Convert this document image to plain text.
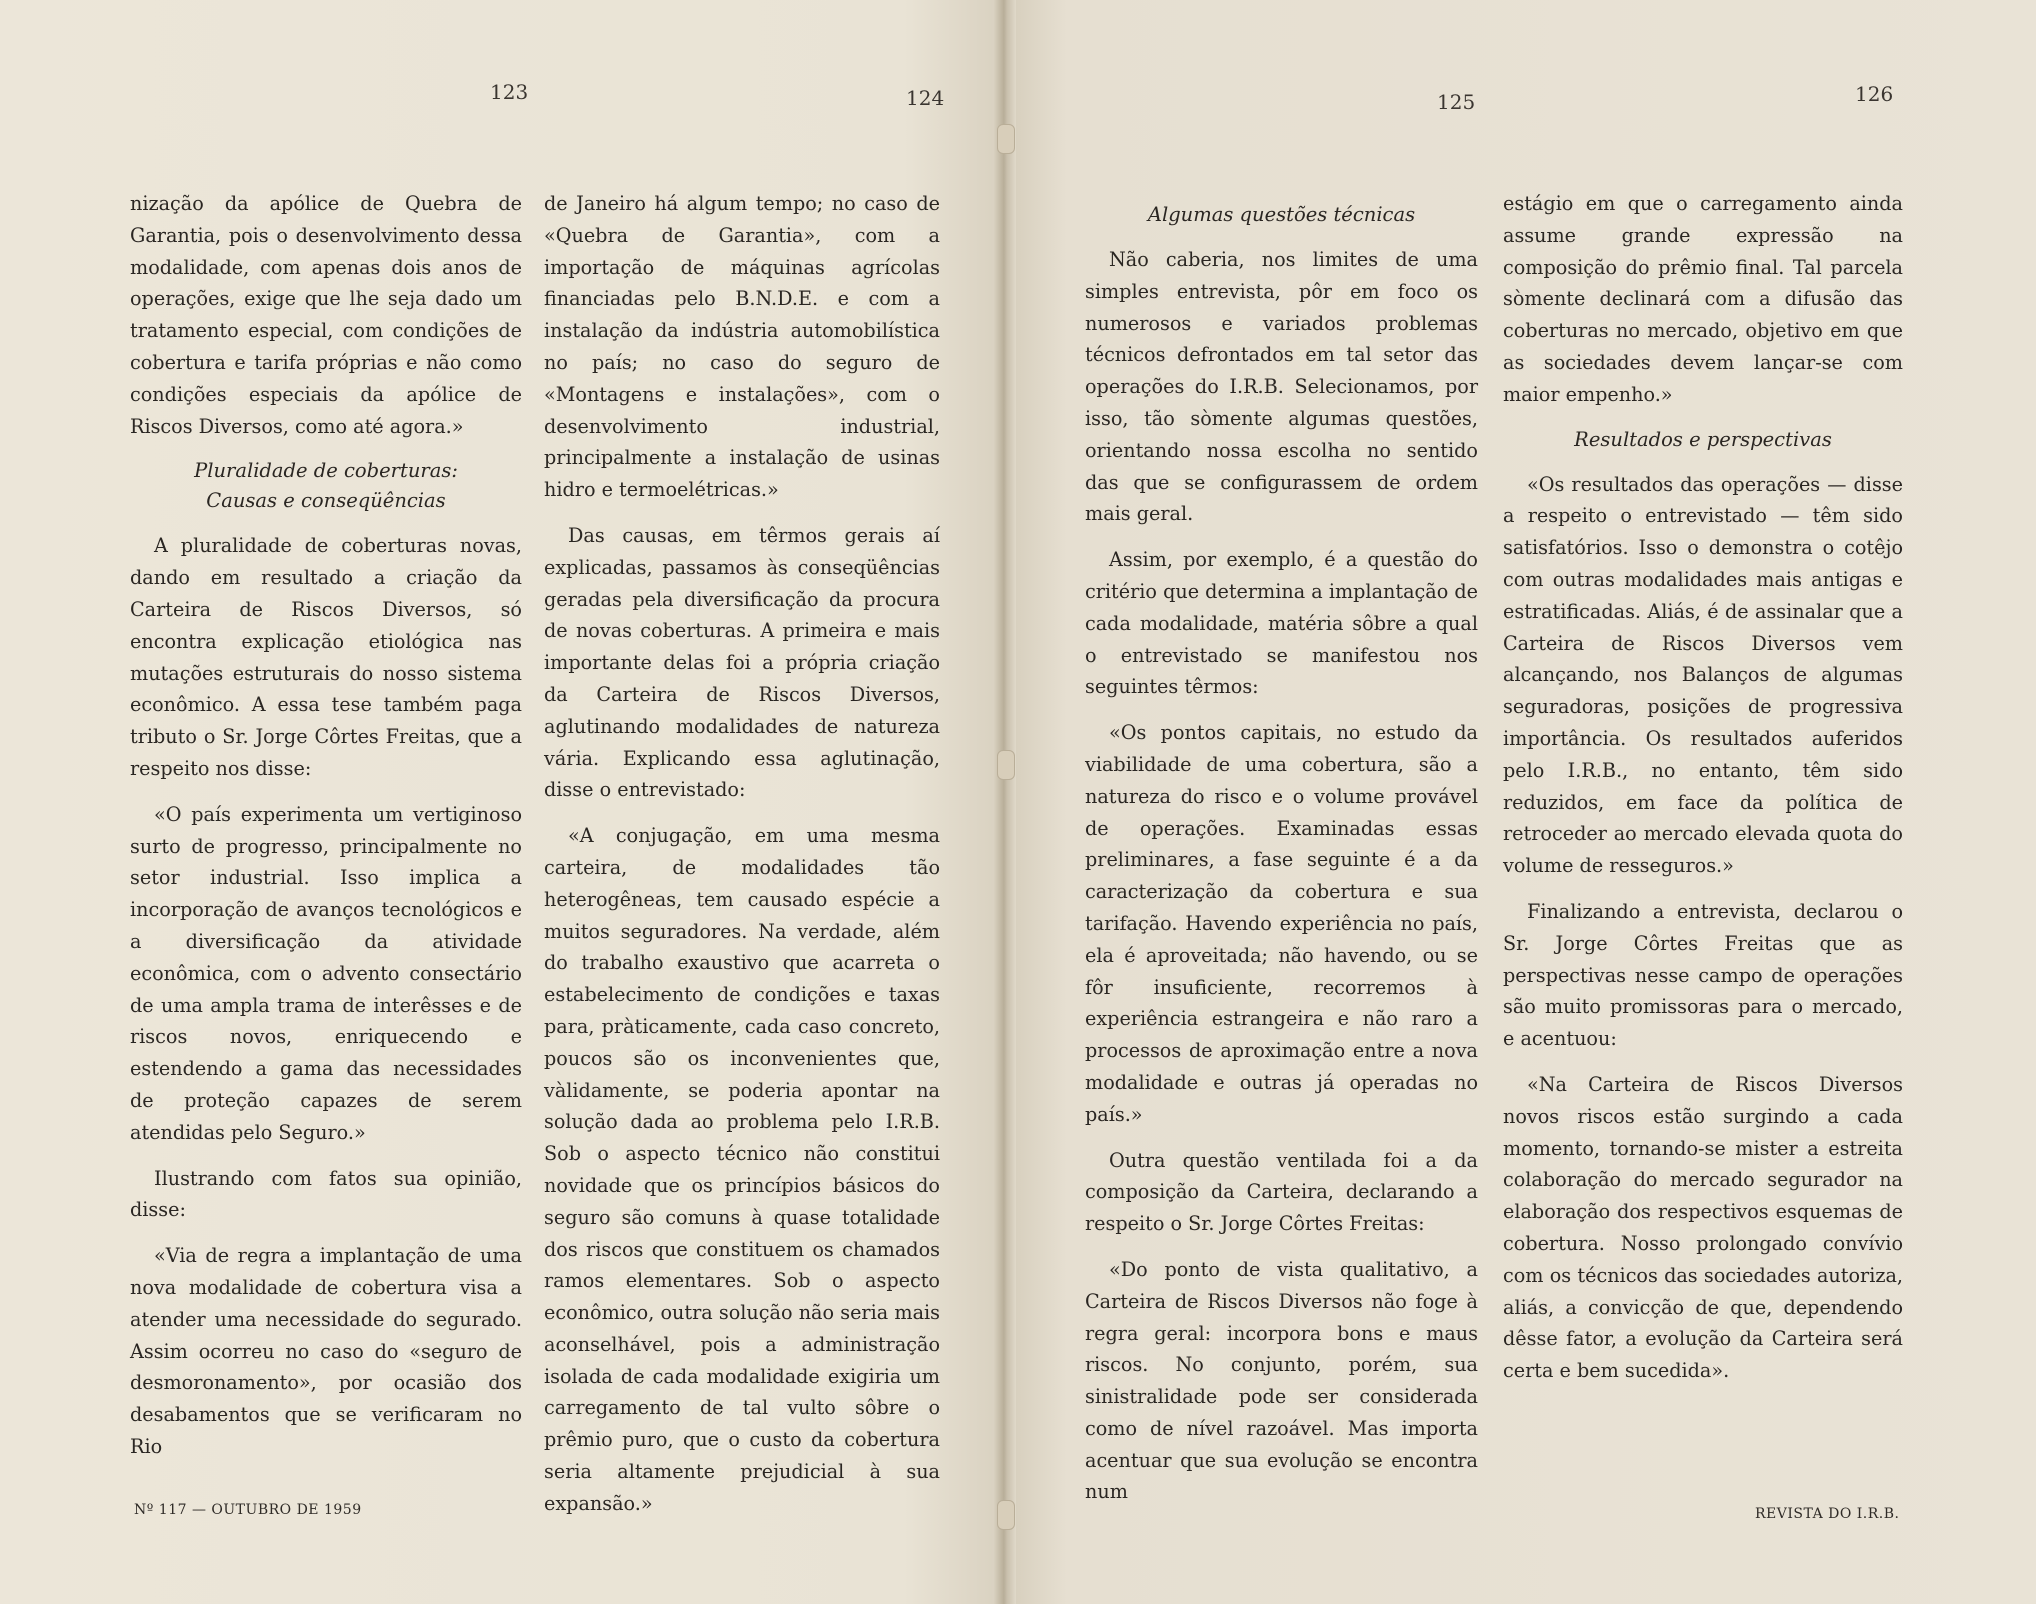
123	124	125	126

nização da apólice de Quebra de Garantia, pois o desenvolvimento dessa modalidade, com apenas dois anos de operações, exige que lhe seja dado um tratamento especial, com condições de cobertura e tarifa próprias e não como condições especiais da apólice de Riscos Diversos, como até agora.»

Pluralidade de coberturas:
Causas e conseqüências

A pluralidade de coberturas novas, dando em resultado a criação da Carteira de Riscos Diversos, só encontra explicação etiológica nas mutações estruturais do nosso sistema econômico. A essa tese também paga tributo o Sr. Jorge Côrtes Freitas, que a respeito nos disse:

«O país experimenta um vertiginoso surto de progresso, principalmente no setor industrial. Isso implica a incorporação de avanços tecnológicos e a diversificação da atividade econômica, com o advento consectário de uma ampla trama de interêsses e de riscos novos, enriquecendo e estendendo a gama das necessidades de proteção capazes de serem atendidas pelo Seguro.»

Ilustrando com fatos sua opinião, disse:

«Via de regra a implantação de uma nova modalidade de cobertura visa a atender uma necessidade do segurado. Assim ocorreu no caso do «seguro de desmoronamento», por ocasião dos desabamentos que se verificaram no Rio

de Janeiro há algum tempo; no caso de «Quebra de Garantia», com a importação de máquinas agrícolas financiadas pelo B.N.D.E. e com a instalação da indústria automobilística no país; no caso do seguro de «Montagens e instalações», com o desenvolvimento industrial, principalmente a instalação de usinas hidro e termoelétricas.»

Das causas, em têrmos gerais aí explicadas, passamos às conseqüências geradas pela diversificação da procura de novas coberturas. A primeira e mais importante delas foi a própria criação da Carteira de Riscos Diversos, aglutinando modalidades de natureza vária. Explicando essa aglutinação, disse o entrevistado:

«A conjugação, em uma mesma carteira, de modalidades tão heterogêneas, tem causado espécie a muitos seguradores. Na verdade, além do trabalho exaustivo que acarreta o estabelecimento de condições e taxas para, pràticamente, cada caso concreto, poucos são os inconvenientes que, vàlidamente, se poderia apontar na solução dada ao problema pelo I.R.B. Sob o aspecto técnico não constitui novidade que os princípios básicos do seguro são comuns à quase totalidade dos riscos que constituem os chamados ramos elementares. Sob o aspecto econômico, outra solução não seria mais aconselhável, pois a administração isolada de cada modalidade exigiria um carregamento de tal vulto sôbre o prêmio puro, que o custo da cobertura seria altamente prejudicial à sua expansão.»

Algumas questões técnicas

Não caberia, nos limites de uma simples entrevista, pôr em foco os numerosos e variados problemas técnicos defrontados em tal setor das operações do I.R.B. Selecionamos, por isso, tão sòmente algumas questões, orientando nossa escolha no sentido das que se configurassem de ordem mais geral.

Assim, por exemplo, é a questão do critério que determina a implantação de cada modalidade, matéria sôbre a qual o entrevistado se manifestou nos seguintes têrmos:

«Os pontos capitais, no estudo da viabilidade de uma cobertura, são a natureza do risco e o volume provável de operações. Examinadas essas preliminares, a fase seguinte é a da caracterização da cobertura e sua tarifação. Havendo experiência no país, ela é aproveitada; não havendo, ou se fôr insuficiente, recorremos à experiência estrangeira e não raro a processos de aproximação entre a nova modalidade e outras já operadas no país.»

Outra questão ventilada foi a da composição da Carteira, declarando a respeito o Sr. Jorge Côrtes Freitas:

«Do ponto de vista qualitativo, a Carteira de Riscos Diversos não foge à regra geral: incorpora bons e maus riscos. No conjunto, porém, sua sinistralidade pode ser considerada como de nível razoável. Mas importa acentuar que sua evolução se encontra num

estágio em que o carregamento ainda assume grande expressão na composição do prêmio final. Tal parcela sòmente declinará com a difusão das coberturas no mercado, objetivo em que as sociedades devem lançar-se com maior empenho.»

Resultados e perspectivas

«Os resultados das operações — disse a respeito o entrevistado — têm sido satisfatórios. Isso o demonstra o cotêjo com outras modalidades mais antigas e estratificadas. Aliás, é de assinalar que a Carteira de Riscos Diversos vem alcançando, nos Balanços de algumas seguradoras, posições de progressiva importância. Os resultados auferidos pelo I.R.B., no entanto, têm sido reduzidos, em face da política de retroceder ao mercado elevada quota do volume de resseguros.»

Finalizando a entrevista, declarou o Sr. Jorge Côrtes Freitas que as perspectivas nesse campo de operações são muito promissoras para o mercado, e acentuou:

«Na Carteira de Riscos Diversos novos riscos estão surgindo a cada momento, tornando-se mister a estreita colaboração do mercado segurador na elaboração dos respectivos esquemas de cobertura. Nosso prolongado convívio com os técnicos das sociedades autoriza, aliás, a convicção de que, dependendo dêsse fator, a evolução da Carteira será certa e bem sucedida».

Nº 117 — OUTUBRO DE 1959	REVISTA DO I.R.B.
